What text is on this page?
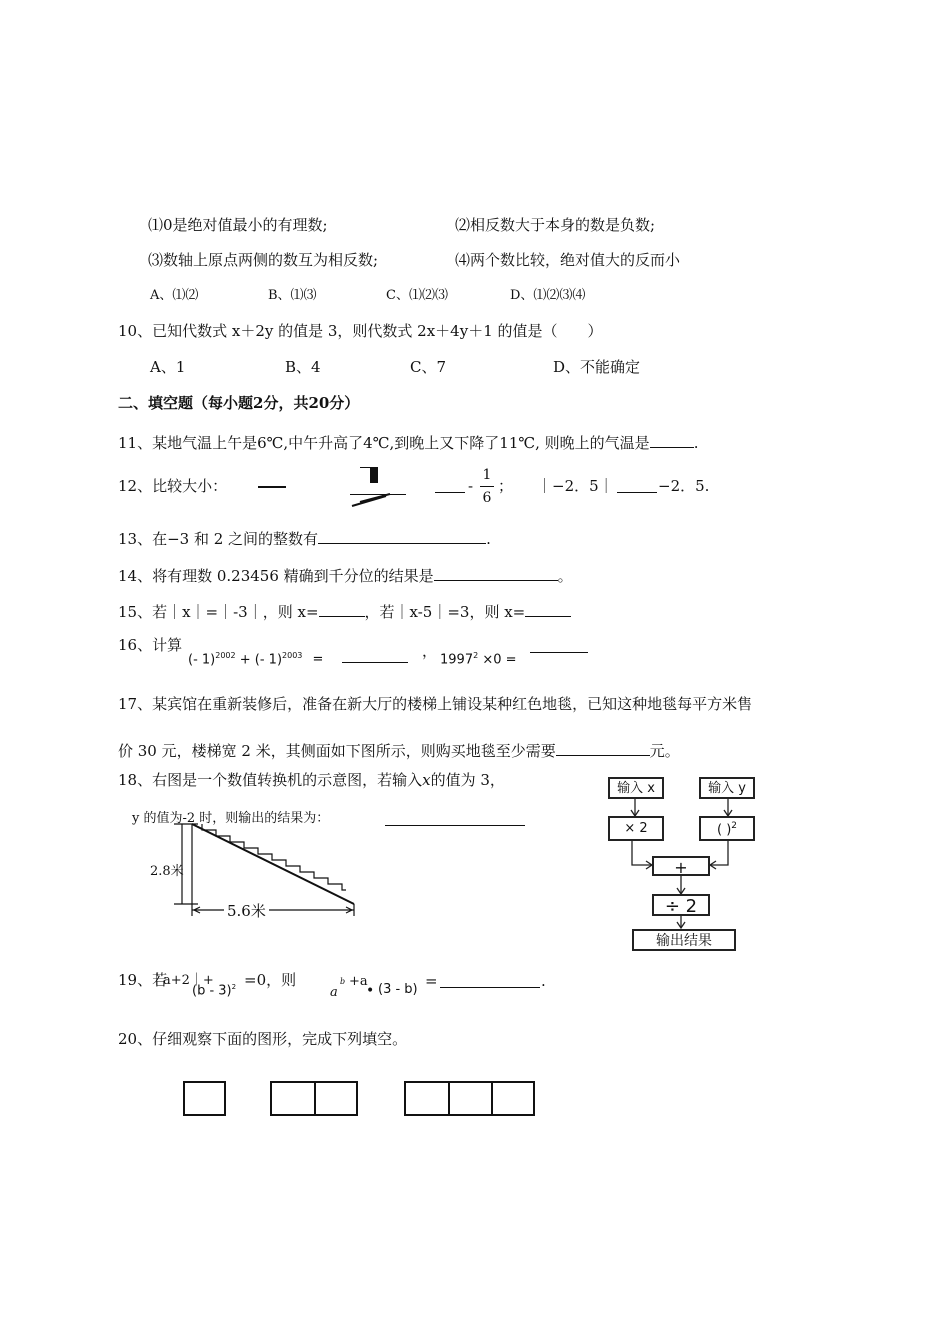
⑴0是绝对值最小的有理数;	⑵相反数大于本身的数是负数;
⑶数轴上原点两侧的数互为相反数;	⑷两个数比较，绝对值大的反而小
A、⑴⑵	B、⑴⑶	C、⑴⑵⑶	D、⑴⑵⑶⑷
10、已知代数式 x＋2y 的值是 3，则代数式 2x＋4y＋1 的值是（　　）
A、1	B、4	C、7	D、不能确定
二、填空题（每小题2分，共20分）
11、某地气温上午是6℃,中午升高了4℃,到晚上又下降了11℃, 则晚上的气温是	.
12、比较大小：	-
1
6
； ｜−2．5｜	−2．5.
13、在−3 和 2 之间的整数有	.
14、将有理数 0.23456 精确到千分位的结果是	。
15、若｜x｜=｜-3｜，则 x=	，若｜x-5｜=3，则 x=
16、计算
(- 1)$^{2002}$ + (- 1)$^{2003}$ =	， $1997^2 \times 0$ =
17、某宾馆在重新装修后，准备在新大厅的楼梯上铺设某种红色地毯，已知这种地毯每平方米售
价 30 元，楼梯宽 2 米，其侧面如下图所示，则购买地毯至少需要	元。
18、右图是一个数值转换机的示意图，若输入x的值为 3，
y 的值为-2 时，则输出的结果为：
2.8米
5.6米
输入 x	输入 y
× 2	( )$^2$
+
÷ 2
输出结果
19、若
｜a+2｜+
(b - 3)$^2$ =0，则
a
b +a
• (3 - b) =	.
20、仔细观察下面的图形，完成下列填空。
